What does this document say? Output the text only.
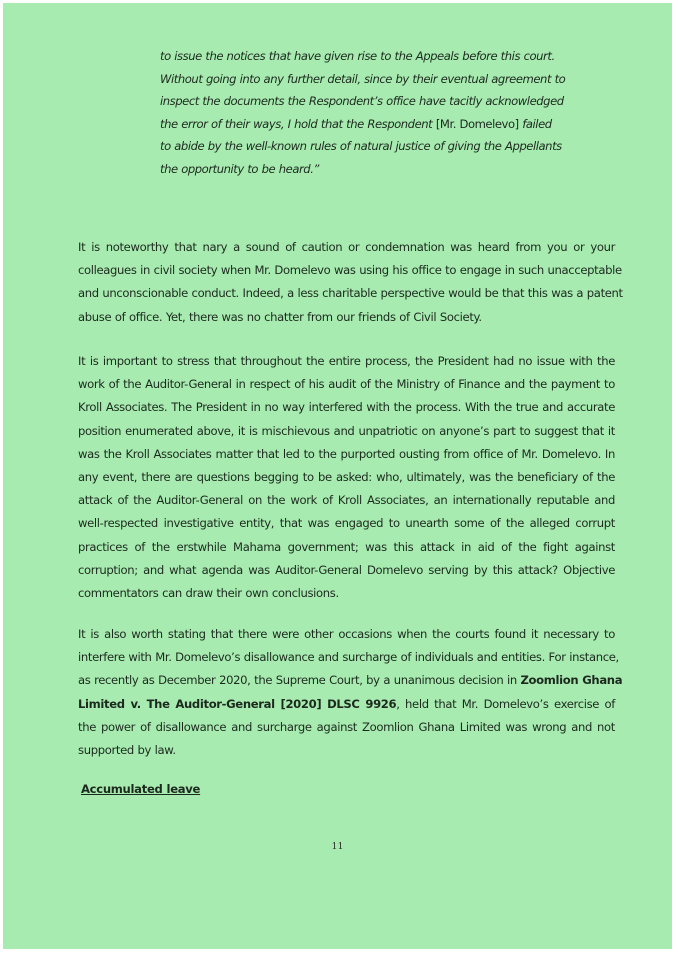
to issue the notices that have given rise to the Appeals before this court.
Without going into any further detail, since by their eventual agreement to
inspect the documents the Respondent’s office have tacitly acknowledged
the error of their ways, I hold that the Respondent [Mr. Domelevo] failed
to abide by the well-known rules of natural justice of giving the Appellants
the opportunity to be heard.”
It is noteworthy that nary a sound of caution or condemnation was heard from you or your
colleagues in civil society when Mr. Domelevo was using his office to engage in such unacceptable
and unconscionable conduct. Indeed, a less charitable perspective would be that this was a patent
abuse of office. Yet, there was no chatter from our friends of Civil Society.
It is important to stress that throughout the entire process, the President had no issue with the
work of the Auditor-General in respect of his audit of the Ministry of Finance and the payment to
Kroll Associates. The President in no way interfered with the process. With the true and accurate
position enumerated above, it is mischievous and unpatriotic on anyone’s part to suggest that it
was the Kroll Associates matter that led to the purported ousting from office of Mr. Domelevo. In
any event, there are questions begging to be asked: who, ultimately, was the beneficiary of the
attack of the Auditor-General on the work of Kroll Associates, an internationally reputable and
well-respected investigative entity, that was engaged to unearth some of the alleged corrupt
practices of the erstwhile Mahama government; was this attack in aid of the fight against
corruption; and what agenda was Auditor-General Domelevo serving by this attack? Objective
commentators can draw their own conclusions.
It is also worth stating that there were other occasions when the courts found it necessary to
interfere with Mr. Domelevo’s disallowance and surcharge of individuals and entities. For instance,
as recently as December 2020, the Supreme Court, by a unanimous decision in Zoomlion Ghana
Limited v. The Auditor-General [2020] DLSC 9926, held that Mr. Domelevo’s exercise of
the power of disallowance and surcharge against Zoomlion Ghana Limited was wrong and not
supported by law.
Accumulated leave
11
